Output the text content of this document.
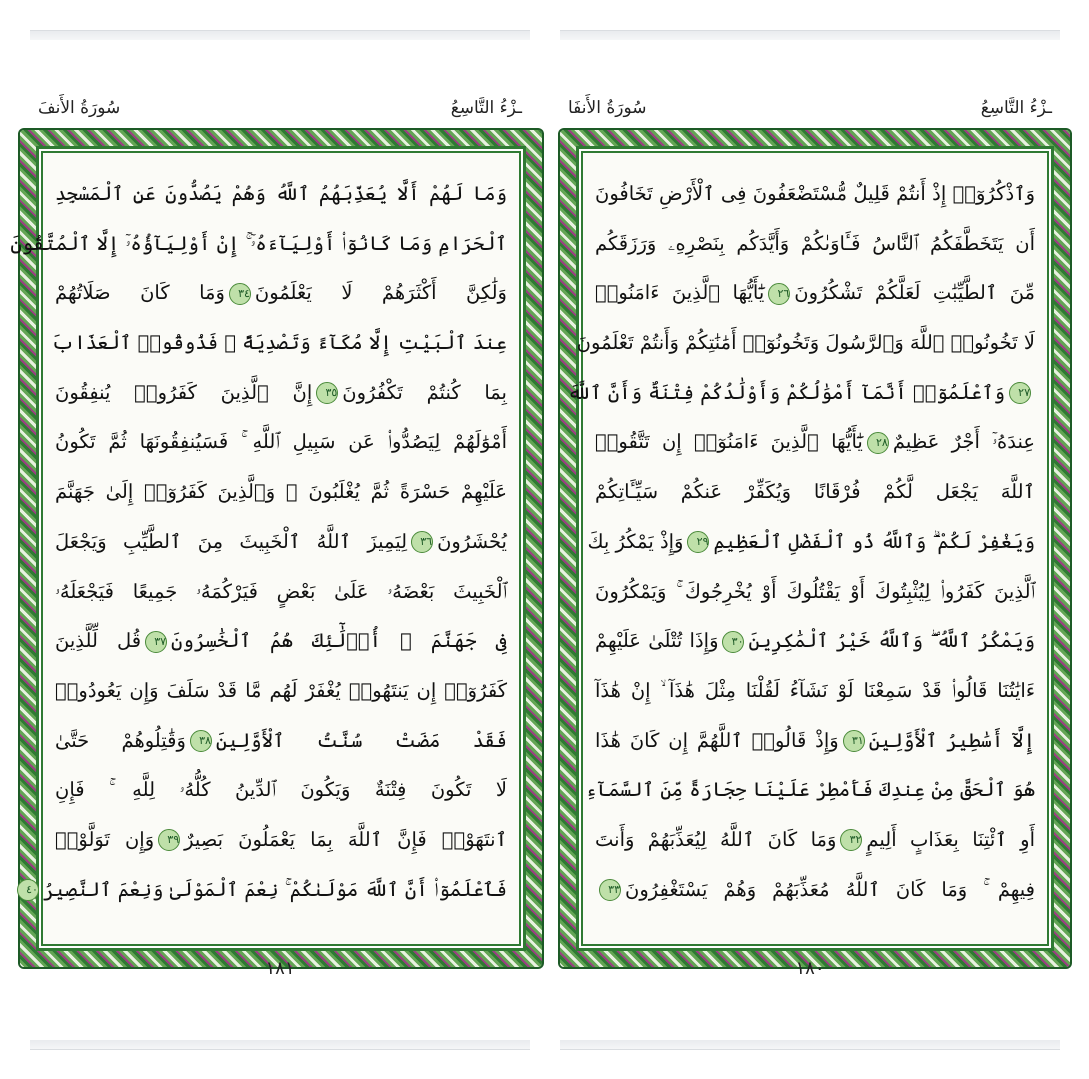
ـزْءُ التَّاسِعُ
سُورَةُ الأَنفَ
وَمَا لَهُمْ أَلَّا يُعَذِّبَهُمُ ٱللَّهُ وَهُمْ يَصُدُّونَ عَنِ ٱلْمَسْجِدِ
ٱلْحَرَامِ وَمَا كَانُوٓا۟ أَوْلِيَآءَهُۥٓ ۚ إِنْ أَوْلِيَآؤُهُۥٓ إِلَّا ٱلْمُتَّقُونَ
وَلَٰكِنَّ أَكْثَرَهُمْ لَا يَعْلَمُونَ٣٤وَمَا كَانَ صَلَاتُهُمْ
عِندَ ٱلْبَيْتِ إِلَّا مُكَآءً وَتَصْدِيَةً ۚ فَذُوقُوا۟ ٱلْعَذَابَ
بِمَا كُنتُمْ تَكْفُرُونَ٣٥إِنَّ ٱلَّذِينَ كَفَرُوا۟ يُنفِقُونَ
أَمْوَٰلَهُمْ لِيَصُدُّوا۟ عَن سَبِيلِ ٱللَّهِ ۚ فَسَيُنفِقُونَهَا ثُمَّ تَكُونُ
عَلَيْهِمْ حَسْرَةً ثُمَّ يُغْلَبُونَ ۗ وَٱلَّذِينَ كَفَرُوٓا۟ إِلَىٰ جَهَنَّمَ
يُحْشَرُونَ٣٦لِيَمِيزَ ٱللَّهُ ٱلْخَبِيثَ مِنَ ٱلطَّيِّبِ وَيَجْعَلَ
ٱلْخَبِيثَ بَعْضَهُۥ عَلَىٰ بَعْضٍ فَيَرْكُمَهُۥ جَمِيعًا فَيَجْعَلَهُۥ
فِى جَهَنَّمَ ۚ أُو۟لَٰٓئِكَ هُمُ ٱلْخَٰسِرُونَ٣٧قُل لِّلَّذِينَ
كَفَرُوٓا۟ إِن يَنتَهُوا۟ يُغْفَرْ لَهُم مَّا قَدْ سَلَفَ وَإِن يَعُودُوا۟
فَقَدْ مَضَتْ سُنَّتُ ٱلْأَوَّلِينَ٣٨وَقَٰتِلُوهُمْ حَتَّىٰ
لَا تَكُونَ فِتْنَةٌ وَيَكُونَ ٱلدِّينُ كُلُّهُۥ لِلَّهِ ۚ فَإِنِ
ٱنتَهَوْا۟ فَإِنَّ ٱللَّهَ بِمَا يَعْمَلُونَ بَصِيرٌ٣٩وَإِن تَوَلَّوْا۟
فَٱعْلَمُوٓا۟ أَنَّ ٱللَّهَ مَوْلَىٰكُمْ ۚ نِعْمَ ٱلْمَوْلَىٰ وَنِعْمَ ٱلنَّصِيرُ٤٠
١٨١
ـزْءُ التَّاسِعُ
سُورَةُ الأَنفَا
وَٱذْكُرُوٓا۟ إِذْ أَنتُمْ قَلِيلٌ مُّسْتَضْعَفُونَ فِى ٱلْأَرْضِ تَخَافُونَ
أَن يَتَخَطَّفَكُمُ ٱلنَّاسُ فَـَٔاوَىٰكُمْ وَأَيَّدَكُم بِنَصْرِهِۦ وَرَزَقَكُم
مِّنَ ٱلطَّيِّبَٰتِ لَعَلَّكُمْ تَشْكُرُونَ٢٦يَٰٓأَيُّهَا ٱلَّذِينَ ءَامَنُوا۟
لَا تَخُونُوا۟ ٱللَّهَ وَٱلرَّسُولَ وَتَخُونُوٓا۟ أَمَٰنَٰتِكُمْ وَأَنتُمْ تَعْلَمُونَ
٢٧وَٱعْلَمُوٓا۟ أَنَّمَآ أَمْوَٰلُكُمْ وَأَوْلَٰدُكُمْ فِتْنَةٌ وَأَنَّ ٱللَّهَ
عِندَهُۥٓ أَجْرٌ عَظِيمٌ٢٨يَٰٓأَيُّهَا ٱلَّذِينَ ءَامَنُوٓا۟ إِن تَتَّقُوا۟
ٱللَّهَ يَجْعَل لَّكُمْ فُرْقَانًا وَيُكَفِّرْ عَنكُمْ سَيِّـَٔاتِكُمْ
وَيَغْفِرْ لَكُمْ ۗ وَٱللَّهُ ذُو ٱلْفَضْلِ ٱلْعَظِيمِ٢٩وَإِذْ يَمْكُرُ بِكَ
ٱلَّذِينَ كَفَرُوا۟ لِيُثْبِتُوكَ أَوْ يَقْتُلُوكَ أَوْ يُخْرِجُوكَ ۚ وَيَمْكُرُونَ
وَيَمْكُرُ ٱللَّهُ ۖ وَٱللَّهُ خَيْرُ ٱلْمَٰكِرِينَ٣٠وَإِذَا تُتْلَىٰ عَلَيْهِمْ
ءَايَٰتُنَا قَالُوا۟ قَدْ سَمِعْنَا لَوْ نَشَآءُ لَقُلْنَا مِثْلَ هَٰذَآ ۙ إِنْ هَٰذَآ
إِلَّآ أَسَٰطِيرُ ٱلْأَوَّلِينَ٣١وَإِذْ قَالُوا۟ ٱللَّهُمَّ إِن كَانَ هَٰذَا
هُوَ ٱلْحَقَّ مِنْ عِندِكَ فَأَمْطِرْ عَلَيْنَا حِجَارَةً مِّنَ ٱلسَّمَآءِ
أَوِ ٱئْتِنَا بِعَذَابٍ أَلِيمٍ٣٢وَمَا كَانَ ٱللَّهُ لِيُعَذِّبَهُمْ وَأَنتَ
فِيهِمْ ۚ وَمَا كَانَ ٱللَّهُ مُعَذِّبَهُمْ وَهُمْ يَسْتَغْفِرُونَ٣٣
١٨٠
